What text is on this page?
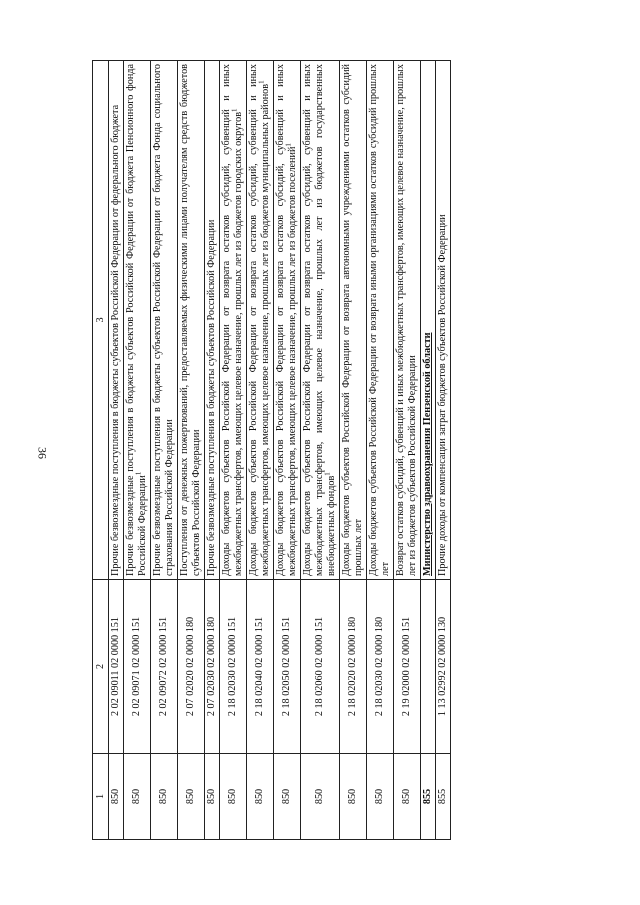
36
1	2	3
850	2 02 09011 02 0000 151	Прочие безвозмездные поступления в бюджеты субъектов Российской Федерации от федерального бюджета
850	2 02 09071 02 0000 151	Прочие безвозмездные поступления в бюджеты субъектов Российской Федерации от бюджета Пенсионного фонда Российской Федерации$^1$
850	2 02 09072 02 0000 151	Прочие безвозмездные поступления в бюджеты субъектов Российской Федерации от бюджета Фонда социального страхования Российской Федерации
850	2 07 02020 02 0000 180	Поступления от денежных пожертвований, предоставляемых физическими лицами получателям средств бюджетов субъектов Российской Федерации
850	2 07 02030 02 0000 180	Прочие безвозмездные поступления в бюджеты субъектов Российской Федерации
850	2 18 02030 02 0000 151	Доходы бюджетов субъектов Российской Федерации от возврата остатков субсидий, субвенций и иных межбюджетных трансфертов, имеющих целевое назначение, прошлых лет из бюджетов городских округов$^1$
850	2 18 02040 02 0000 151	Доходы бюджетов субъектов Российской Федерации от возврата остатков субсидий, субвенций и иных межбюджетных трансфертов, имеющих целевое назначение, прошлых лет из бюджетов муниципальных районов$^1$
850	2 18 02050 02 0000 151	Доходы бюджетов субъектов Российской Федерации от возврата остатков субсидий, субвенций и иных межбюджетных трансфертов, имеющих целевое назначение, прошлых лет из бюджетов поселений$^1$
850	2 18 02060 02 0000 151	Доходы бюджетов субъектов Российской Федерации от возврата остатков субсидий, субвенций и иных межбюджетных трансфертов, имеющих целевое назначение, прошлых лет из бюджетов государственных внебюджетных фондов$^1$
850	2 18 02020 02 0000 180	Доходы бюджетов субъектов Российской Федерации от возврата автономными учреждениями остатков субсидий прошлых лет
850	2 18 02030 02 0000 180	Доходы бюджетов субъектов Российской Федерации от возврата иными организациями остатков субсидий прошлых лет
850	2 19 02000 02 0000 151	Возврат остатков субсидий, субвенций и иных межбюджетных трансфертов, имеющих целевое назначение, прошлых лет из бюджетов субъектов Российской Федерации
855		Министерство здравоохранения Пензенской области
855	1 13 02992 02 0000 130	Прочие доходы от компенсации затрат бюджетов субъектов Российской Федерации
